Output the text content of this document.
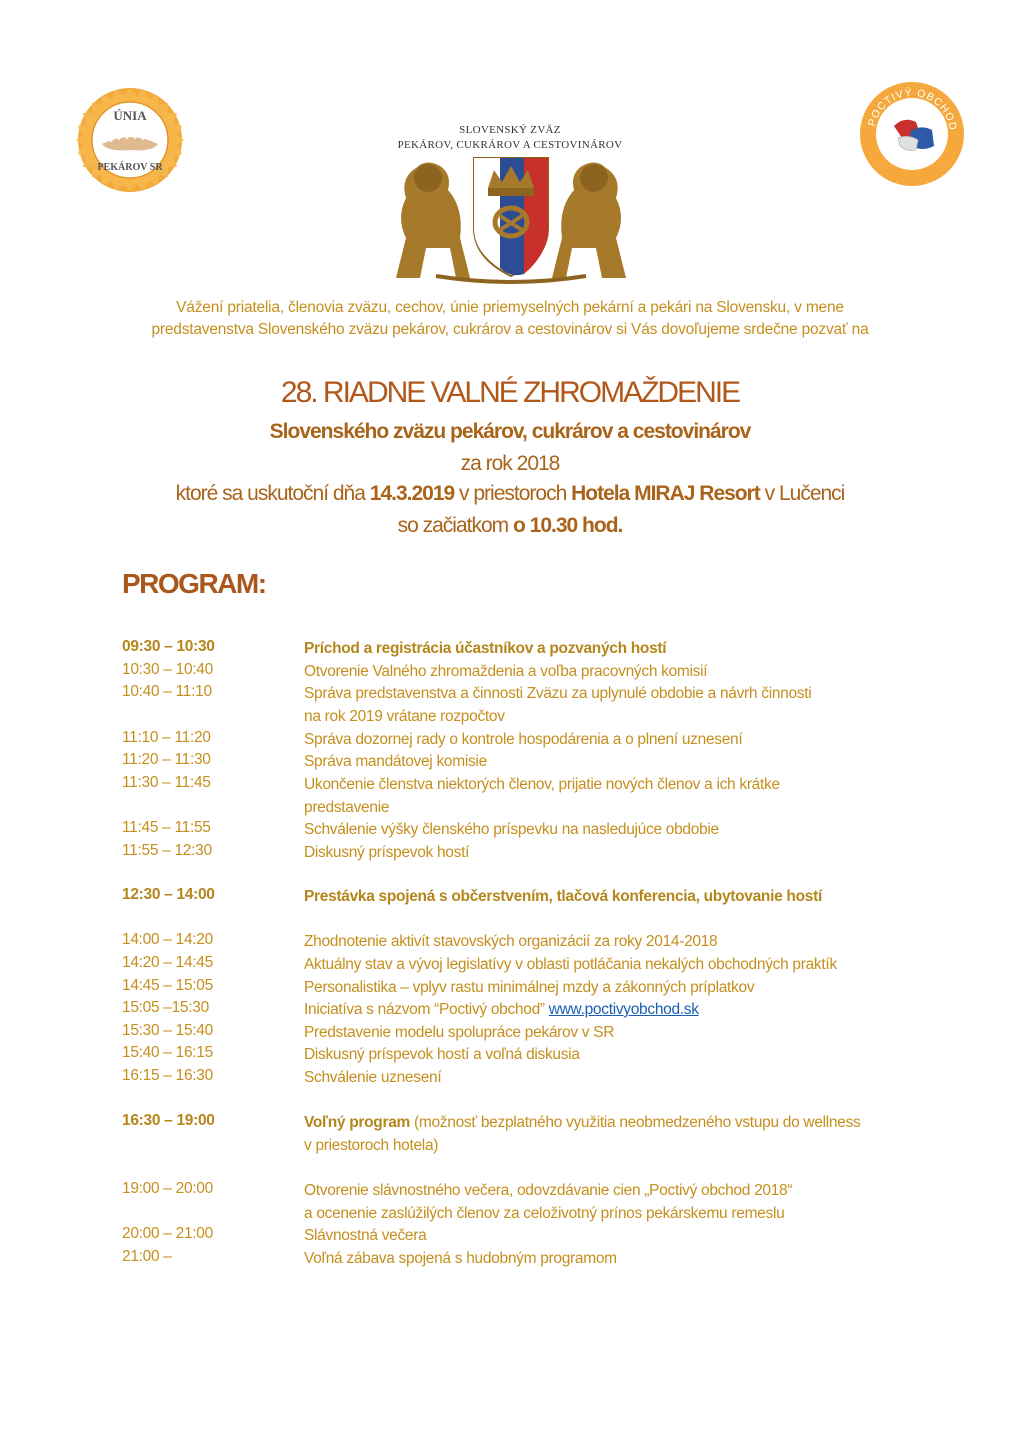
ÚNIA
PEKÁROV SR
POCTIVÝ OBCHOD
SLOVENSKÝ ZVÄZ
PEKÁROV, CUKRÁROV A CESTOVINÁROV
Vážení priatelia, členovia zväzu, cechov, únie priemyselných pekární a pekári na Slovensku, v mene
predstavenstva Slovenského zväzu pekárov, cukrárov a cestovinárov si Vás dovoľujeme srdečne pozvať na
28. RIADNE VALNÉ ZHROMAŽDENIE
Slovenského zväzu pekárov, cukrárov a cestovinárov
za rok 2018
ktoré sa uskutoční dňa 14.3.2019 v priestoroch Hotela MIRAJ Resort v Lučenci
so začiatkom o 10.30 hod.
PROGRAM:
09:30 – 10:30	Príchod a registrácia účastníkov a pozvaných hostí
10:30 – 10:40	Otvorenie Valného zhromaždenia a voľba pracovných komisií
10:40 – 11:10	Správa predstavenstva a činnosti Zväzu za uplynulé obdobie a návrh činnosti
na rok 2019 vrátane rozpočtov
11:10 – 11:20	Správa dozornej rady o kontrole hospodárenia a o plnení uznesení
11:20 – 11:30	Správa mandátovej komisie
11:30 – 11:45	Ukončenie členstva niektorých členov, prijatie nových členov a ich krátke
predstavenie
11:45 – 11:55	Schválenie výšky členského príspevku na nasledujúce obdobie
11:55 – 12:30	Diskusný príspevok hostí
12:30 – 14:00	Prestávka spojená s občerstvením, tlačová konferencia, ubytovanie hostí
14:00 – 14:20	Zhodnotenie aktivít stavovských organizácií za roky 2014-2018
14:20 – 14:45	Aktuálny stav a vývoj legislatívy v oblasti potláčania nekalých obchodných praktík
14:45 – 15:05	Personalistika – vplyv rastu minimálnej mzdy a zákonných príplatkov
15:05 –15:30	Iniciatíva s názvom “Poctivý obchod” www.poctivyobchod.sk
15:30 – 15:40	Predstavenie modelu spolupráce pekárov v SR
15:40 – 16:15	Diskusný príspevok hostí a voľná diskusia
16:15 – 16:30	Schválenie uznesení
16:30 – 19:00	Voľný program (možnosť bezplatného využitia neobmedzeného vstupu do wellness
v priestoroch hotela)
19:00 – 20:00	Otvorenie slávnostného večera, odovzdávanie cien „Poctivý obchod 2018“
a ocenenie zaslúžilých členov za celoživotný prínos pekárskemu remeslu
20:00 – 21:00	Slávnostná večera
21:00 –	Voľná zábava spojená s hudobným programom
